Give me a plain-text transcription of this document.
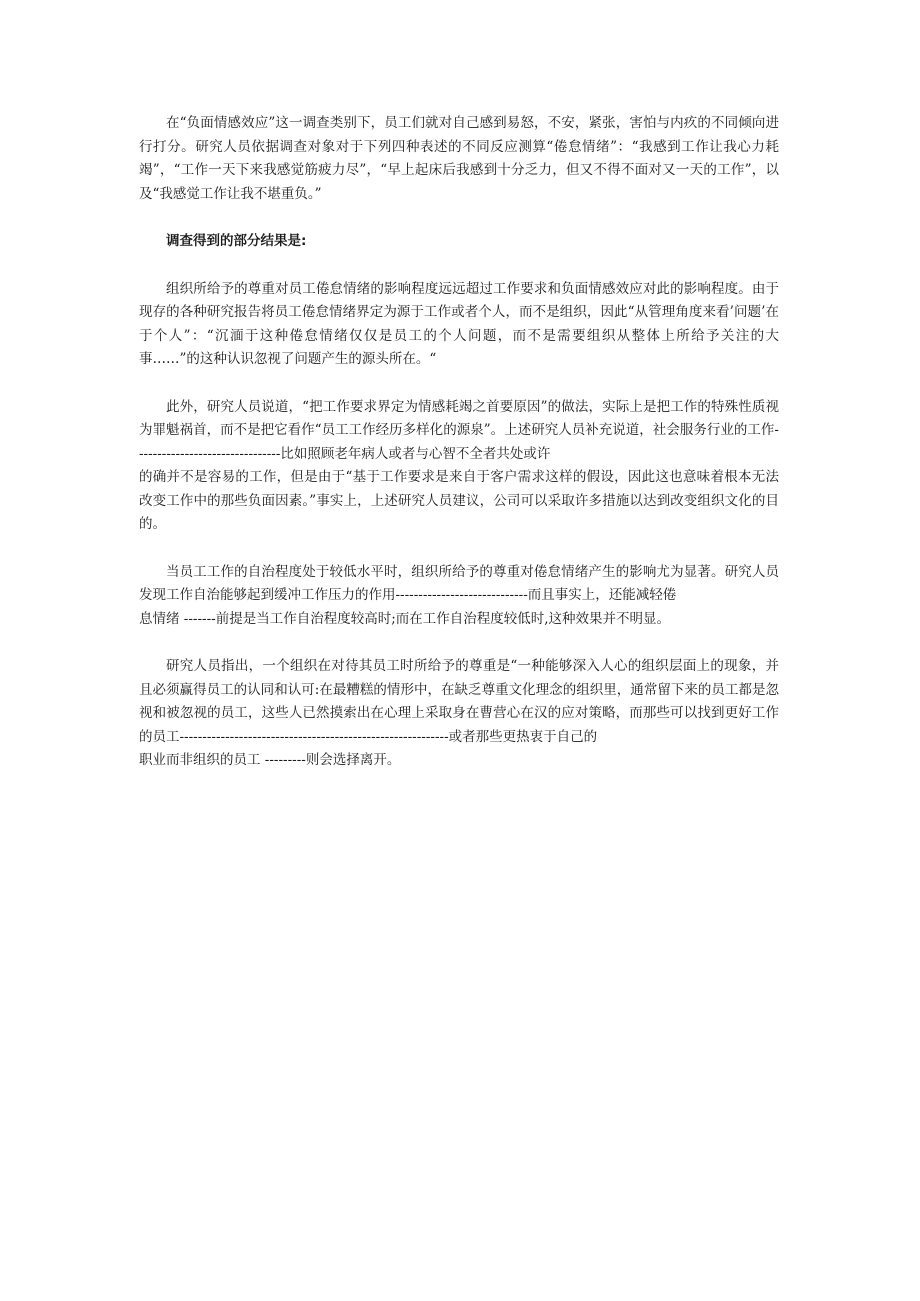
在“负面情感效应”这一调查类别下，员工们就对自己感到易怒，不安，紧张，害怕与内疚的不同倾向进行打分。研究人员依据调查对象对于下列四种表述的不同反应测算“倦怠情绪”：“我感到工作让我心力耗竭”，“工作一天下来我感觉筋疲力尽”，“早上起床后我感到十分乏力，但又不得不面对又一天的工作”，以及“我感觉工作让我不堪重负。”

调查得到的部分结果是:

组织所给予的尊重对员工倦怠情绪的影响程度远远超过工作要求和负面情感效应对此的影响程度。由于现存的各种研究报告将员工倦怠情绪界定为源于工作或者个人，而不是组织，因此“从管理角度来看’问题’在于个人”：“沉湎于这种倦怠情绪仅仅是员工的个人问题，而不是需要组织从整体上所给予关注的大事……”的这种认识忽视了问题产生的源头所在。“

此外，研究人员说道，“把工作要求界定为情感耗竭之首要原因”的做法，实际上是把工作的特殊性质视为罪魁祸首，而不是把它看作“员工工作经历多样化的源泉”。上述研究人员补充说道，社会服务行业的工作--------------------------------比如照顾老年病人或者与心智不全者共处或许

的确并不是容易的工作，但是由于“基于工作要求是来自于客户需求这样的假设，因此这也意味着根本无法改变工作中的那些负面因素。”事实上，上述研究人员建议，公司可以采取许多措施以达到改变组织文化的目的。

当员工工作的自治程度处于较低水平时，组织所给予的尊重对倦怠情绪产生的影响尤为显著。研究人员发现工作自治能够起到缓冲工作压力的作用-----------------------------而且事实上，还能减轻倦

息情绪 -------前提是当工作自治程度较高时;而在工作自治程度较低时,这种效果并不明显。

研究人员指出，一个组织在对待其员工时所给予的尊重是“一种能够深入人心的组织层面上的现象，并且必须赢得员工的认同和认可:在最糟糕的情形中，在缺乏尊重文化理念的组织里，通常留下来的员工都是忽视和被忽视的员工，这些人已然摸索出在心理上采取身在曹营心在汉的应对策略，而那些可以找到更好工作的员工-----------------------------------------------------------或者那些更热衷于自己的

职业而非组织的员工 ---------则会选择离开。
